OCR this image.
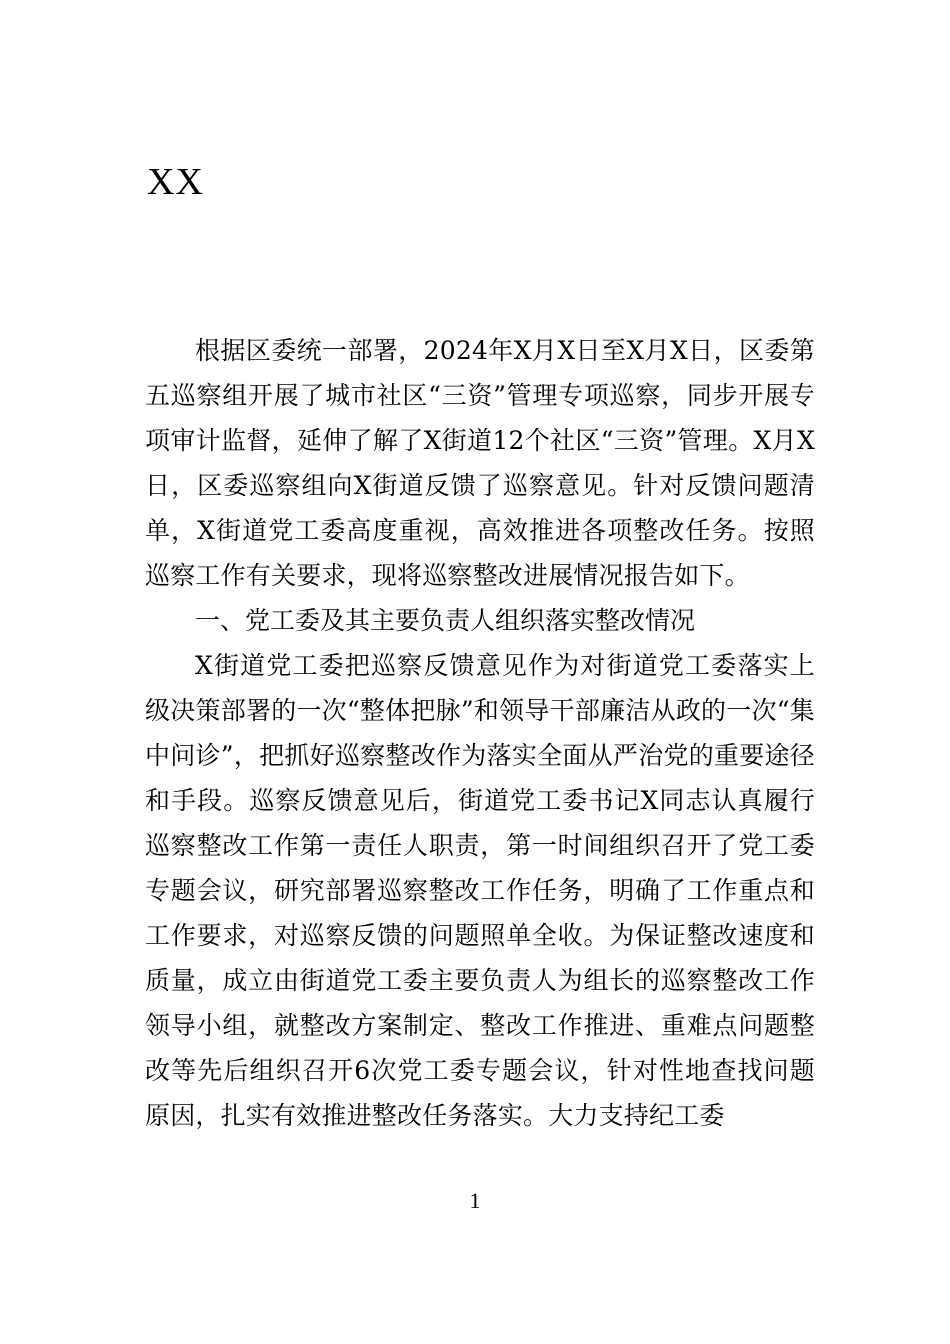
XX

根据区委统一部署，2024年X月X日至X月X日，区委第五巡察组开展了城市社区“三资”管理专项巡察，同步开展专项审计监督，延伸了解了X街道12个社区“三资”管理。X月X日，区委巡察组向X街道反馈了巡察意见。针对反馈问题清单，X街道党工委高度重视，高效推进各项整改任务。按照巡察工作有关要求，现将巡察整改进展情况报告如下。

一、党工委及其主要负责人组织落实整改情况

X街道党工委把巡察反馈意见作为对街道党工委落实上级决策部署的一次“整体把脉”和领导干部廉洁从政的一次“集中问诊”，把抓好巡察整改作为落实全面从严治党的重要途径和手段。巡察反馈意见后，街道党工委书记X同志认真履行巡察整改工作第一责任人职责，第一时间组织召开了党工委专题会议，研究部署巡察整改工作任务，明确了工作重点和工作要求，对巡察反馈的问题照单全收。为保证整改速度和质量，成立由街道党工委主要负责人为组长的巡察整改工作领导小组，就整改方案制定、整改工作推进、重难点问题整改等先后组织召开6次党工委专题会议，针对性地查找问题原因，扎实有效推进整改任务落实。大力支持纪工委

1
